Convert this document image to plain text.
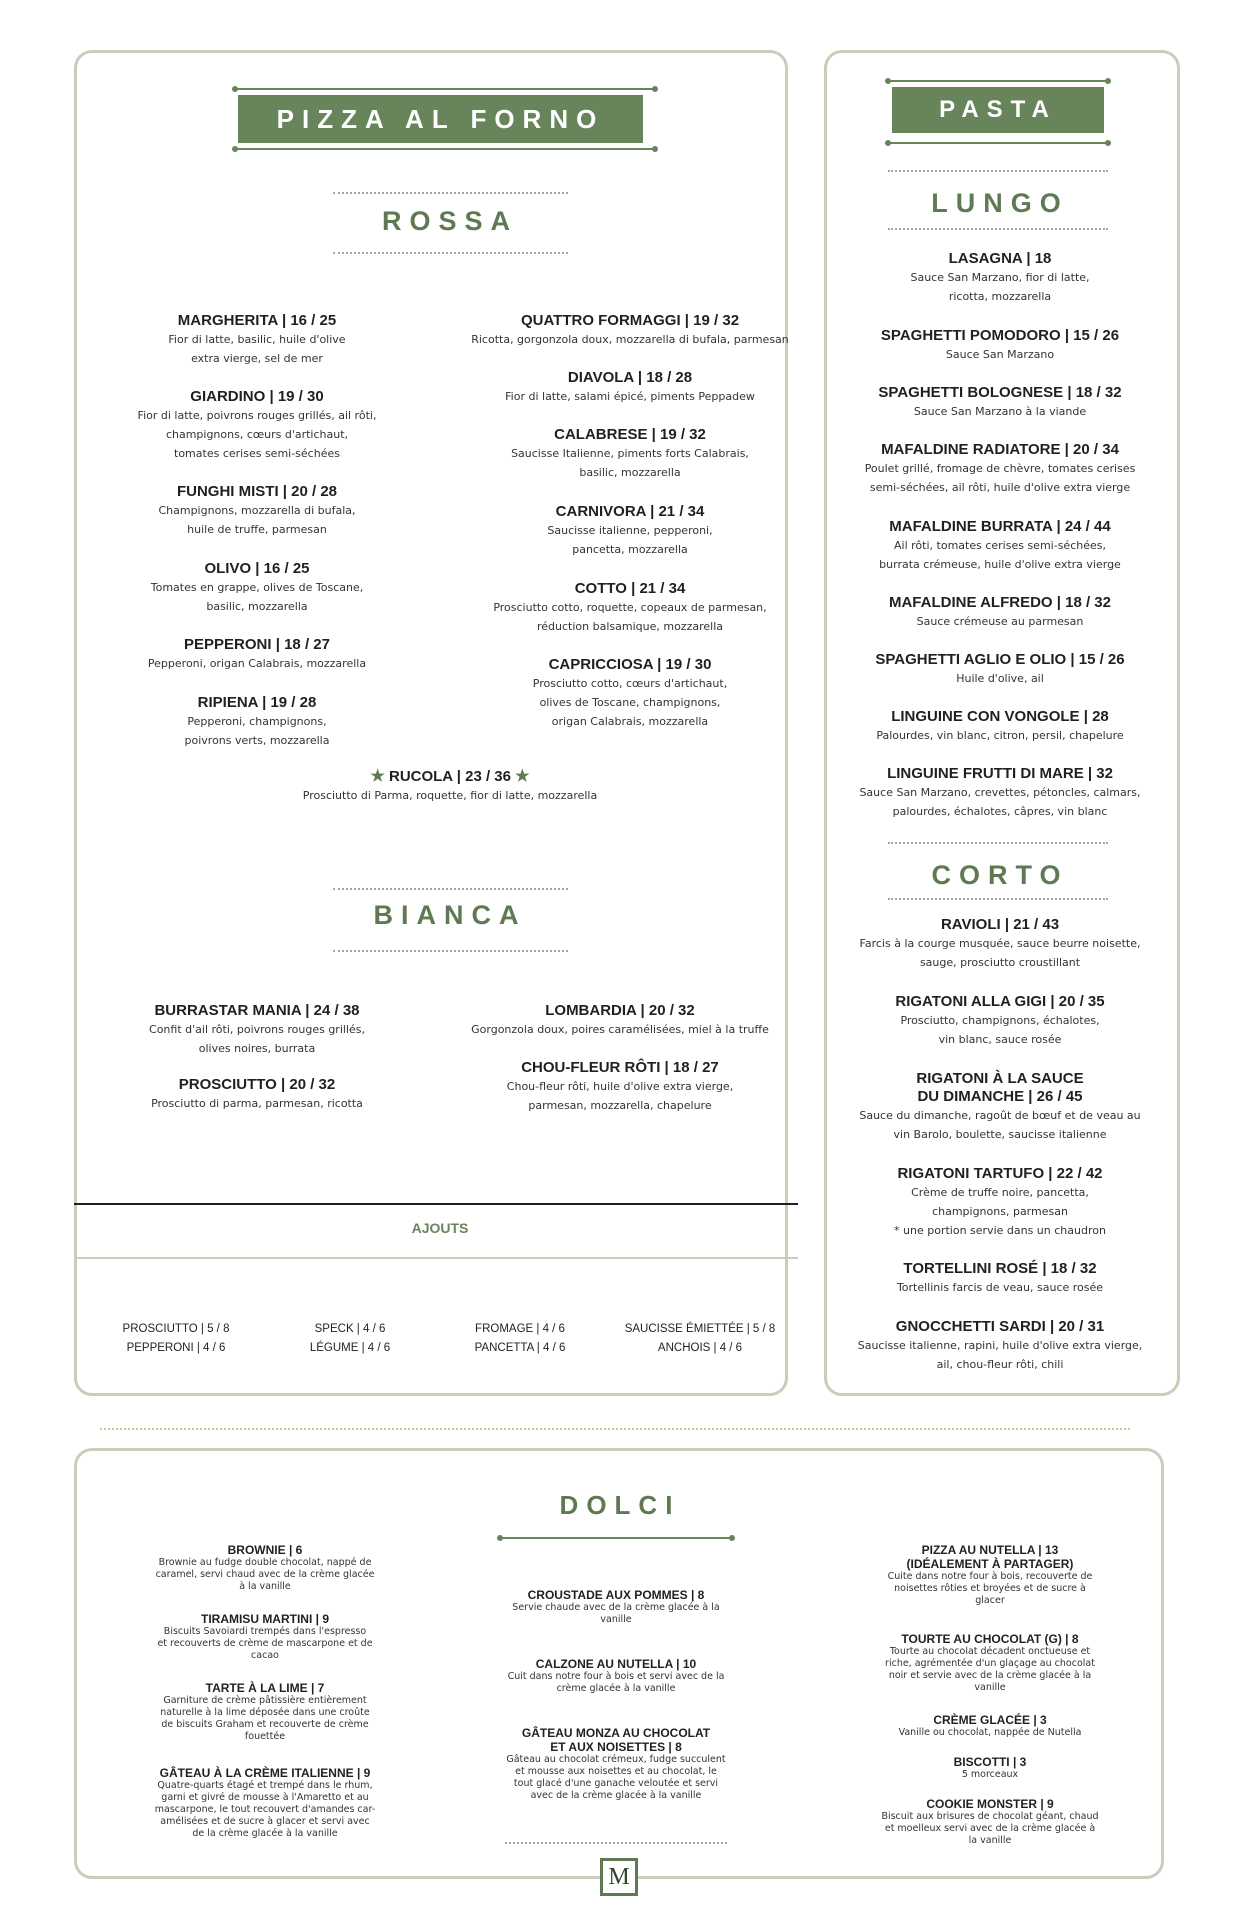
PIZZA AL FORNO
ROSSA
MARGHERITA | 16 / 25
Fior di latte, basilic, huile d'olive
extra vierge, sel de mer
GIARDINO | 19 / 30
Fior di latte, poivrons rouges grillés, ail rôti,
champignons, cœurs d'artichaut,
tomates cerises semi-séchées
FUNGHI MISTI | 20 / 28
Champignons, mozzarella di bufala,
huile de truffe, parmesan
OLIVO | 16 / 25
Tomates en grappe, olives de Toscane,
basilic, mozzarella
PEPPERONI | 18 / 27
Pepperoni, origan Calabrais, mozzarella
RIPIENA | 19 / 28
Pepperoni, champignons,
poivrons verts, mozzarella
QUATTRO FORMAGGI | 19 / 32
Ricotta, gorgonzola doux, mozzarella di bufala, parmesan
DIAVOLA | 18 / 28
Fior di latte, salami épicé, piments Peppadew
CALABRESE | 19 / 32
Saucisse Italienne, piments forts Calabrais,
basilic, mozzarella
CARNIVORA | 21 / 34
Saucisse italienne, pepperoni,
pancetta, mozzarella
COTTO | 21 / 34
Prosciutto cotto, roquette, copeaux de parmesan,
réduction balsamique, mozzarella
CAPRICCIOSA | 19 / 30
Prosciutto cotto, cœurs d'artichaut,
olives de Toscane, champignons,
origan Calabrais, mozzarella
★ RUCOLA | 23 / 36 ★
Prosciutto di Parma, roquette, fior di latte, mozzarella
BIANCA
BURRASTAR MANIA | 24 / 38
Confit d'ail rôti, poivrons rouges grillés,
olives noires, burrata
PROSCIUTTO | 20 / 32
Prosciutto di parma, parmesan, ricotta
LOMBARDIA | 20 / 32
Gorgonzola doux, poires caramélisées, miel à la truffe
CHOU-FLEUR RÔTI | 18 / 27
Chou-fleur rôti, huile d'olive extra vierge,
parmesan, mozzarella, chapelure
AJOUTS
PROSCIUTTO | 5 / 8
PEPPERONI | 4 / 6
SPECK | 4 / 6
LÉGUME | 4 / 6
FROMAGE | 4 / 6
PANCETTA | 4 / 6
SAUCISSE ÉMIETTÉE | 5 / 8
ANCHOIS | 4 / 6
PASTA
LUNGO
LASAGNA | 18
Sauce San Marzano, fior di latte,
ricotta, mozzarella
SPAGHETTI POMODORO | 15 / 26
Sauce San Marzano
SPAGHETTI BOLOGNESE | 18 / 32
Sauce San Marzano à la viande
MAFALDINE RADIATORE | 20 / 34
Poulet grillé, fromage de chèvre, tomates cerises
semi-séchées, ail rôti, huile d'olive extra vierge
MAFALDINE BURRATA | 24 / 44
Ail rôti, tomates cerises semi-séchées,
burrata crémeuse, huile d'olive extra vierge
MAFALDINE ALFREDO | 18 / 32
Sauce crémeuse au parmesan
SPAGHETTI AGLIO E OLIO | 15 / 26
Huile d'olive, ail
LINGUINE CON VONGOLE | 28
Palourdes, vin blanc, citron, persil, chapelure
LINGUINE FRUTTI DI MARE | 32
Sauce San Marzano, crevettes, pétoncles, calmars,
palourdes, échalotes, câpres, vin blanc
CORTO
RAVIOLI | 21 / 43
Farcis à la courge musquée, sauce beurre noisette,
sauge, prosciutto croustillant
RIGATONI ALLA GIGI | 20 / 35
Prosciutto, champignons, échalotes,
vin blanc, sauce rosée
RIGATONI À LA SAUCE
DU DIMANCHE | 26 / 45
Sauce du dimanche, ragoût de bœuf et de veau au
vin Barolo, boulette, saucisse italienne
RIGATONI TARTUFO | 22 / 42
Crème de truffe noire, pancetta,
champignons, parmesan
* une portion servie dans un chaudron
TORTELLINI ROSÉ | 18 / 32
Tortellinis farcis de veau, sauce rosée
GNOCCHETTI SARDI | 20 / 31
Saucisse italienne, rapini, huile d'olive extra vierge,
ail, chou-fleur rôti, chili
DOLCI
BROWNIE | 6
Brownie au fudge double chocolat, nappé de
caramel, servi chaud avec de la crème glacée
à la vanille
TIRAMISU MARTINI | 9
Biscuits Savoiardi trempés dans l'espresso
et recouverts de crème de mascarpone et de
cacao
TARTE À LA LIME | 7
Garniture de crème pâtissière entièrement
naturelle à la lime déposée dans une croûte
de biscuits Graham et recouverte de crème
fouettée
GÂTEAU À LA CRÈME ITALIENNE | 9
Quatre-quarts étagé et trempé dans le rhum,
garni et givré de mousse à l'Amaretto et au
mascarpone, le tout recouvert d'amandes car-
amélisées et de sucre à glacer et servi avec
de la crème glacée à la vanille
CROUSTADE AUX POMMES | 8
Servie chaude avec de la crème glacée à la
vanille
CALZONE AU NUTELLA | 10
Cuit dans notre four à bois et servi avec de la
crème glacée à la vanille
GÂTEAU MONZA AU CHOCOLAT
ET AUX NOISETTES | 8
Gâteau au chocolat crémeux, fudge succulent
et mousse aux noisettes et au chocolat, le
tout glacé d'une ganache veloutée et servi
avec de la crème glacée à la vanille
PIZZA AU NUTELLA | 13
(IDÉALEMENT À PARTAGER)
Cuite dans notre four à bois, recouverte de
noisettes rôties et broyées et de sucre à
glacer
TOURTE AU CHOCOLAT (G) | 8
Tourte au chocolat décadent onctueuse et
riche, agrémentée d'un glaçage au chocolat
noir et servie avec de la crème glacée à la
vanille
CRÈME GLACÉE | 3
Vanille ou chocolat, nappée de Nutella
BISCOTTI | 3
5 morceaux
COOKIE MONSTER | 9
Biscuit aux brisures de chocolat géant, chaud
et moelleux servi avec de la crème glacée à
la vanille
M
